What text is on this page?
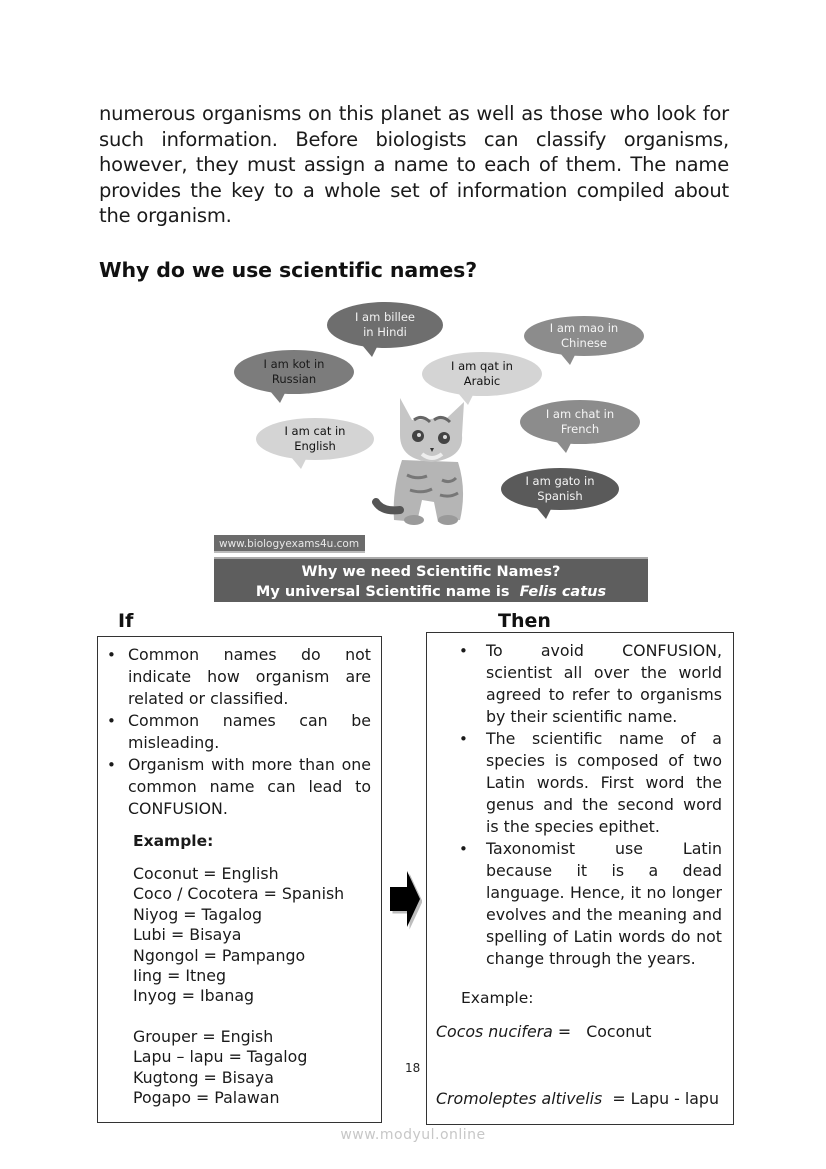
numerous organisms on this planet as well as those who look for such information. Before biologists can classify organisms, however, they must assign a name to each of them. The name provides the key to a whole set of information compiled about the organism.

Why do we use scientific names?
I am billee
in Hindi	I am mao in
Chinese
I am kot in
Russian
I am qat in
Arabic
I am chat in
French
I am cat in
English
I am gato in
Spanish
www.biologyexams4u.com
Why we need Scientific Names?
My universal Scientific name is Felis catus
If	Then
• Common names do not indicate how organism are related or classified.
• Common names can be misleading.
• Organism with more than one common name can lead to CONFUSION.
Example:
Coconut = English
Coco / Cocotera = Spanish
Niyog = Tagalog
Lubi = Bisaya
Ngongol = Pampango
Iing = Itneg
Inyog = Ibanag
Grouper = Engish
Lapu – lapu = Tagalog
Kugtong = Bisaya
Pogapo = Palawan
• To avoid CONFUSION, scientist all over the world agreed to refer to organisms by their scientific name.
• The scientific name of a species is composed of two Latin words. First word the genus and the second word is the species epithet.
• Taxonomist use Latin because it is a dead language. Hence, it no longer evolves and the meaning and spelling of Latin words do not change through the years.
Example:
Cocos nucifera =   Coconut
Cromoleptes altivelis  = Lapu - lapu
18
www.modyul.online
